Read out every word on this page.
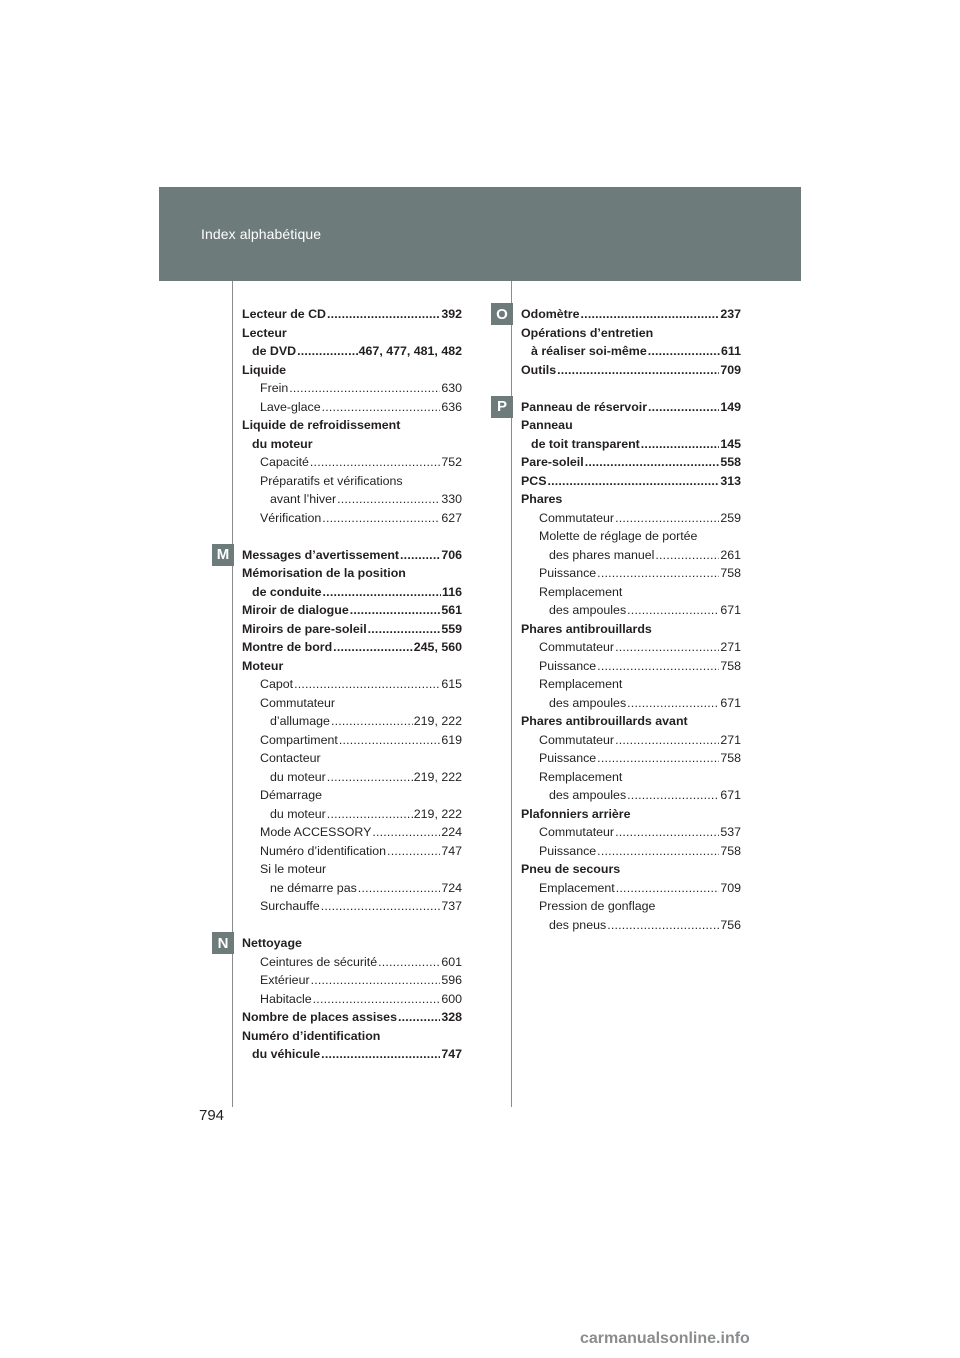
Index alphabétique
Lecteur de CD .....	392
Lecteur
de DVD .....	467, 477, 481, 482
Liquide
Frein .....	630
Lave-glace .....	636
Liquide de refroidissement
du moteur
Capacité .....	752
Préparatifs et vérifications
avant l’hiver .....	330
Vérification .....	627
Messages d’avertissement .....	706
Mémorisation de la position
de conduite .....	116
Miroir de dialogue .....	561
Miroirs de pare-soleil .....	559
Montre de bord .....	245, 560
Moteur
Capot .....	615
Commutateur
d’allumage .....	219, 222
Compartiment .....	619
Contacteur
du moteur .....	219, 222
Démarrage
du moteur .....	219, 222
Mode ACCESSORY .....	224
Numéro d’identification .....	747
Si le moteur
ne démarre pas .....	724
Surchauffe .....	737
Nettoyage
Ceintures de sécurité .....	601
Extérieur .....	596
Habitacle .....	600
Nombre de places assises .....	328
Numéro d’identification
du véhicule .....	747
Odomètre .....	237
Opérations d’entretien
à réaliser soi-même .....	611
Outils .....	709
Panneau de réservoir .....	149
Panneau
de toit transparent .....	145
Pare-soleil .....	558
PCS .....	313
Phares
Commutateur .....	259
Molette de réglage de portée
des phares manuel .....	261
Puissance .....	758
Remplacement
des ampoules .....	671
Phares antibrouillards
Commutateur .....	271
Puissance .....	758
Remplacement
des ampoules .....	671
Phares antibrouillards avant
Commutateur .....	271
Puissance .....	758
Remplacement
des ampoules .....	671
Plafonniers arrière
Commutateur .....	537
Puissance .....	758
Pneu de secours
Emplacement .....	709
Pression de gonflage
des pneus .....	756
M
N
O
P
794
carmanualsonline.info
